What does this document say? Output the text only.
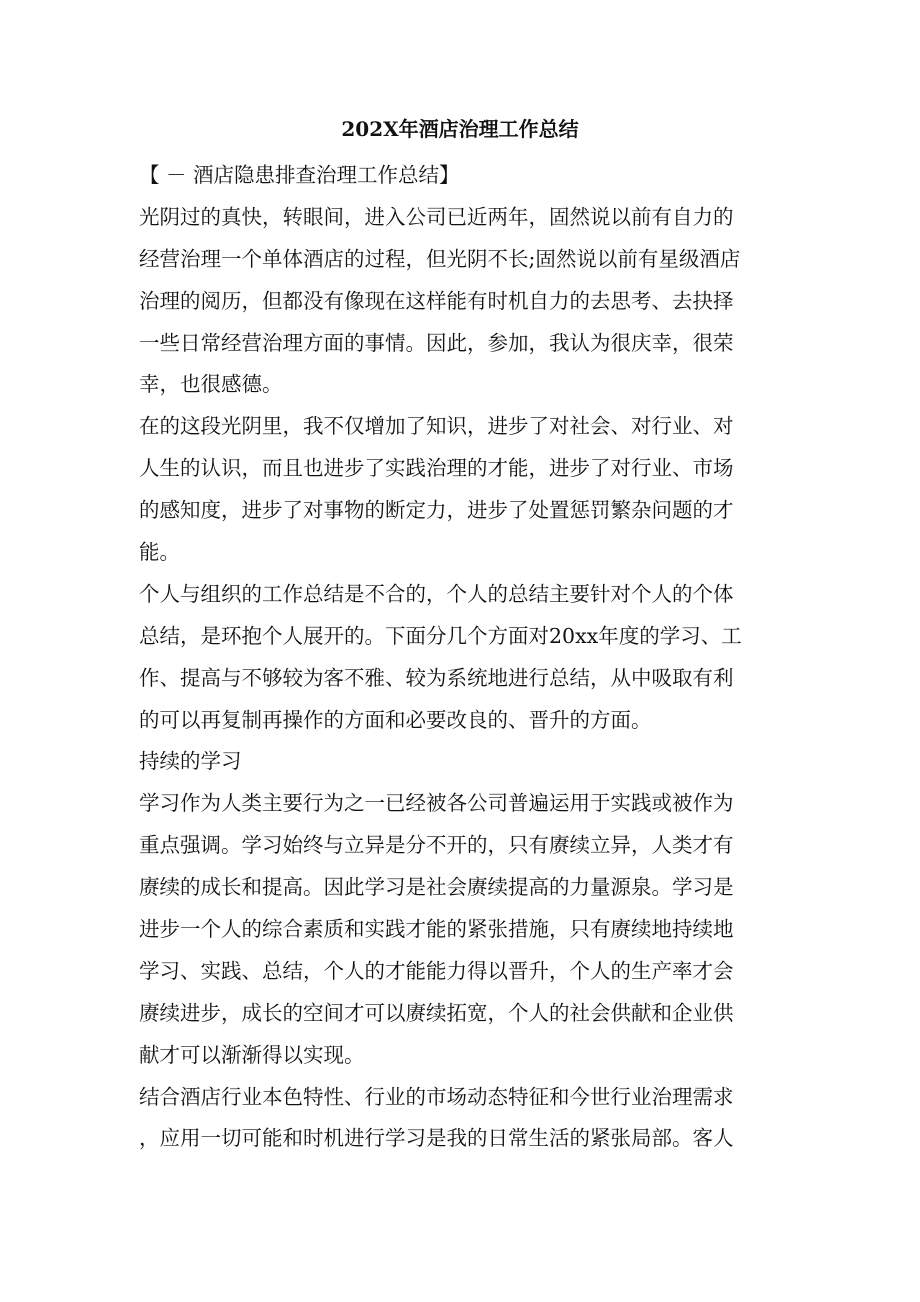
202X年酒店治理工作总结
【 － 酒店隐患排查治理工作总结】
光阴过的真快，转眼间，进入公司已近两年，固然说以前有自力的
经营治理一个单体酒店的过程，但光阴不长;固然说以前有星级酒店
治理的阅历，但都没有像现在这样能有时机自力的去思考、去抉择
一些日常经营治理方面的事情。因此，参加，我认为很庆幸，很荣
幸，也很感德。
在的这段光阴里，我不仅增加了知识，进步了对社会、对行业、对
人生的认识，而且也进步了实践治理的才能，进步了对行业、市场
的感知度，进步了对事物的断定力，进步了处置惩罚繁杂问题的才
能。
个人与组织的工作总结是不合的，个人的总结主要针对个人的个体
总结，是环抱个人展开的。下面分几个方面对20xx年度的学习、工
作、提高与不够较为客不雅、较为系统地进行总结，从中吸取有利
的可以再复制再操作的方面和必要改良的、晋升的方面。
持续的学习
学习作为人类主要行为之一已经被各公司普遍运用于实践或被作为
重点强调。学习始终与立异是分不开的，只有赓续立异，人类才有
赓续的成长和提高。因此学习是社会赓续提高的力量源泉。学习是
进步一个人的综合素质和实践才能的紧张措施，只有赓续地持续地
学习、实践、总结，个人的才能能力得以晋升，个人的生产率才会
赓续进步，成长的空间才可以赓续拓宽，个人的社会供献和企业供
献才可以渐渐得以实现。
结合酒店行业本色特性、行业的市场动态特征和今世行业治理需求
，应用一切可能和时机进行学习是我的日常生活的紧张局部。客人
